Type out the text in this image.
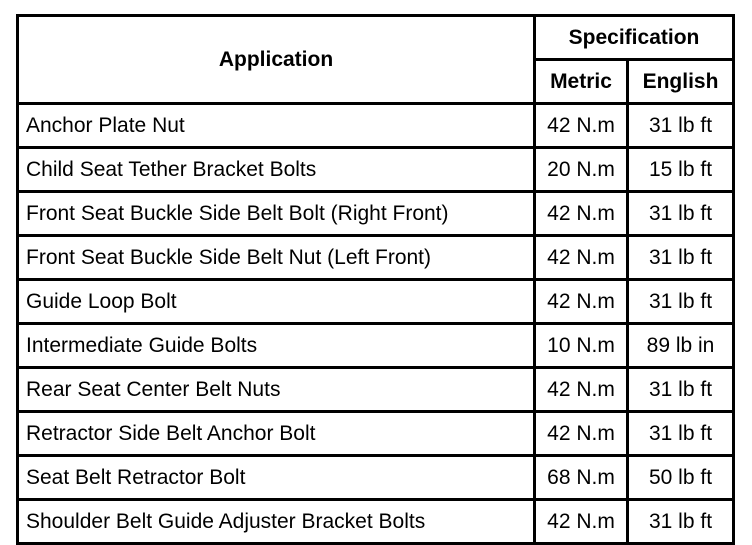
Application	Specification	
	Metric	English
Anchor Plate Nut	42 N.m	31 lb ft
Child Seat Tether Bracket Bolts	20 N.m	15 lb ft
Front Seat Buckle Side Belt Bolt (Right Front)	42 N.m	31 lb ft
Front Seat Buckle Side Belt Nut (Left Front)	42 N.m	31 lb ft
Guide Loop Bolt	42 N.m	31 lb ft
Intermediate Guide Bolts	10 N.m	89 lb in
Rear Seat Center Belt Nuts	42 N.m	31 lb ft
Retractor Side Belt Anchor Bolt	42 N.m	31 lb ft
Seat Belt Retractor Bolt	68 N.m	50 lb ft
Shoulder Belt Guide Adjuster Bracket Bolts	42 N.m	31 lb ft
